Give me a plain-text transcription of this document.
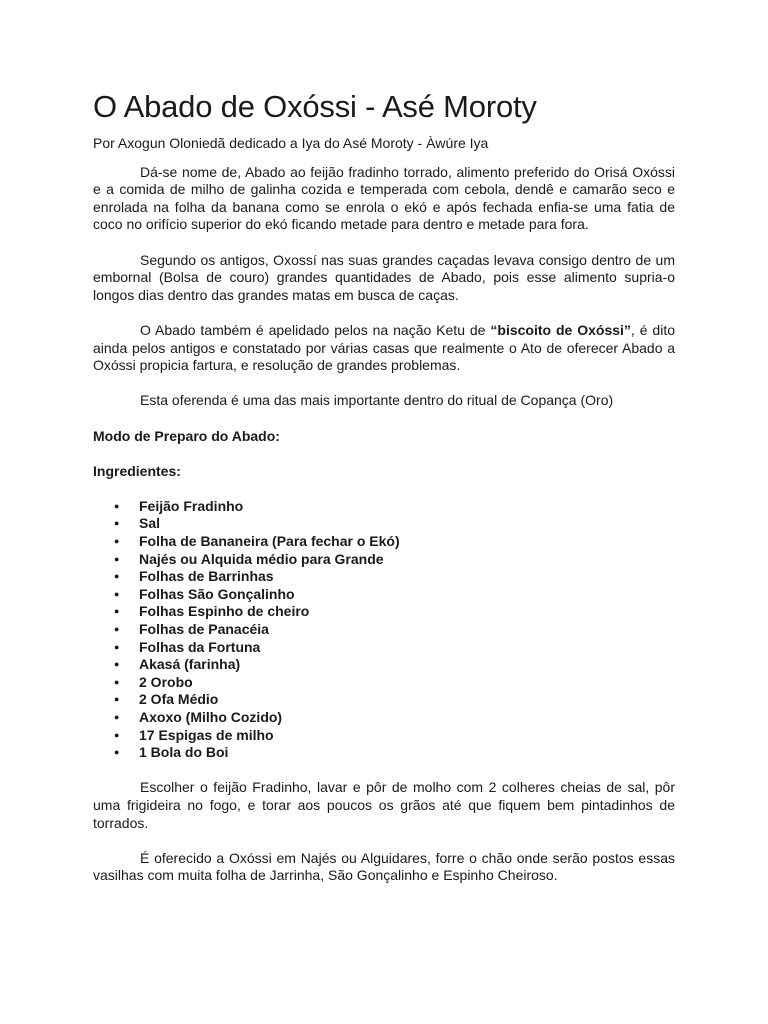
O Abado de Oxóssi - Asé Moroty
Por Axogun Oloniedã dedicado a Iya do Asé Moroty - Àwúre Iya

Dá-se nome de, Abado ao feijão fradinho torrado, alimento preferido do Orisá Oxóssi e a comida de milho de galinha cozida e temperada com cebola, dendê e camarão seco e enrolada na folha da banana como se enrola o ekó e após fechada enfia-se uma fatia de coco no orifício superior do ekó ficando metade para dentro e metade para fora.

Segundo os antigos, Oxossí nas suas grandes caçadas levava consigo dentro de um embornal (Bolsa de couro) grandes quantidades de Abado, pois esse alimento supria-o longos dias dentro das grandes matas em busca de caças.

O Abado também é apelidado pelos na nação Ketu de “biscoito de Oxóssi”, é dito ainda pelos antigos e constatado por várias casas que realmente o Ato de oferecer Abado a Oxóssi propicia fartura, e resolução de grandes problemas.

Esta oferenda é uma das mais importante dentro do ritual de Copança (Oro)

Modo de Preparo do Abado:
Ingredientes:
● Feijão Fradinho
● Sal
● Folha de Bananeira (Para fechar o Ekó)
● Najés ou Alquida médio para Grande
● Folhas de Barrinhas
● Folhas São Gonçalinho
● Folhas Espinho de cheiro
● Folhas de Panacéia
● Folhas da Fortuna
● Akasá (farinha)
● 2 Orobo
● 2 Ofa Médio
● Axoxo (Milho Cozido)
● 17 Espigas de milho
● 1 Bola do Boi

Escolher o feijão Fradinho, lavar e pôr de molho com 2 colheres cheias de sal, pôr uma frigideira no fogo, e torar aos poucos os grãos até que fiquem bem pintadinhos de torrados.

É oferecido a Oxóssi em Najés ou Alguidares, forre o chão onde serão postos essas vasilhas com muita folha de Jarrinha, São Gonçalinho e Espinho Cheiroso.
